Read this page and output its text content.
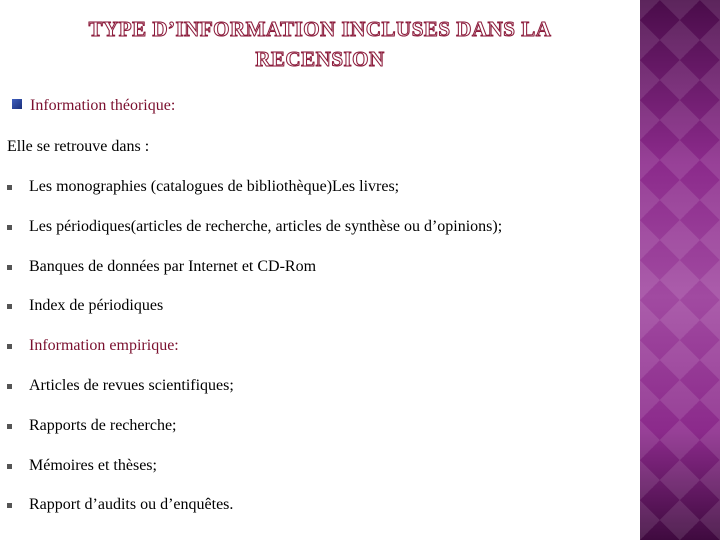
TYPE D’INFORMATION INCLUSES DANS LA
RECENSION
Information théorique:
Elle se retrouve dans :
Les monographies (catalogues de bibliothèque)Les livres;
Les périodiques(articles de recherche, articles de synthèse ou d’opinions);
Banques de données par Internet et CD-Rom
Index de périodiques
Information empirique:
Articles de revues scientifiques;
Rapports de recherche;
Mémoires et thèses;
Rapport d’audits ou d’enquêtes.
